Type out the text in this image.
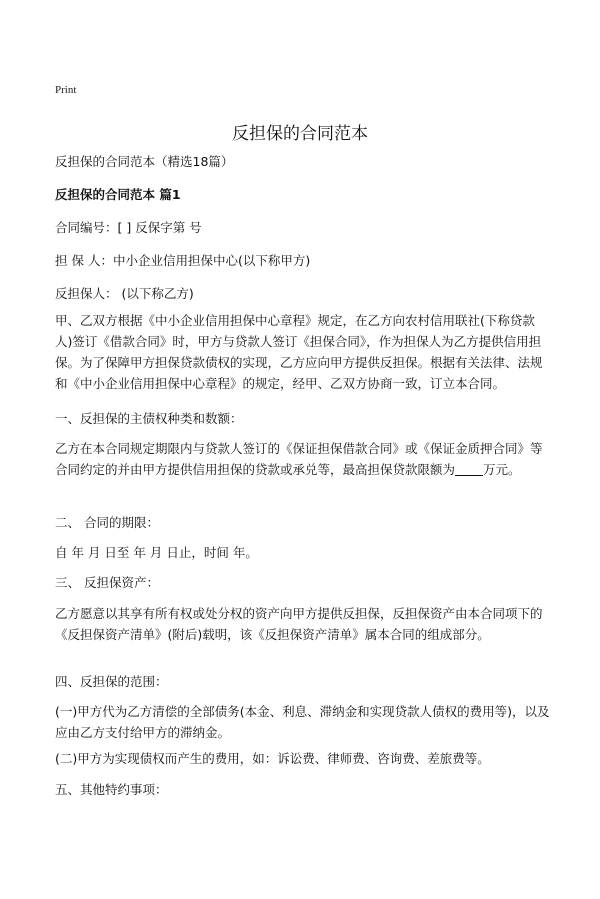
Print
反担保的合同范本
反担保的合同范本（精选18篇）
反担保的合同范本 篇1
合同编号：[ ] 反保字第 号
担 保 人：中小企业信用担保中心(以下称甲方)
反担保人： (以下称乙方)
甲、乙双方根据《中小企业信用担保中心章程》规定，在乙方向农村信用联社(下称贷款人)签订《借款合同》时，甲方与贷款人签订《担保合同》，作为担保人为乙方提供信用担保。为了保障甲方担保贷款债权的实现，乙方应向甲方提供反担保。根据有关法律、法规和《中小企业信用担保中心章程》的规定，经甲、乙双方协商一致，订立本合同。
一、反担保的主债权种类和数额：
乙方在本合同规定期限内与贷款人签订的《保证担保借款合同》或《保证金质押合同》等合同约定的并由甲方提供信用担保的贷款或承兑等，最高担保贷款限额为 万元。
二、 合同的期限：
自 年 月 日至 年 月 日止，时间 年。
三、 反担保资产：
乙方愿意以其享有所有权或处分权的资产向甲方提供反担保，反担保资产由本合同项下的《反担保资产清单》(附后)载明，该《反担保资产清单》属本合同的组成部分。
四、反担保的范围：
(一)甲方代为乙方清偿的全部债务(本金、利息、滞纳金和实现贷款人债权的费用等)，以及应由乙方支付给甲方的滞纳金。
(二)甲方为实现债权而产生的费用，如：诉讼费、律师费、咨询费、差旅费等。
五、其他特约事项：
